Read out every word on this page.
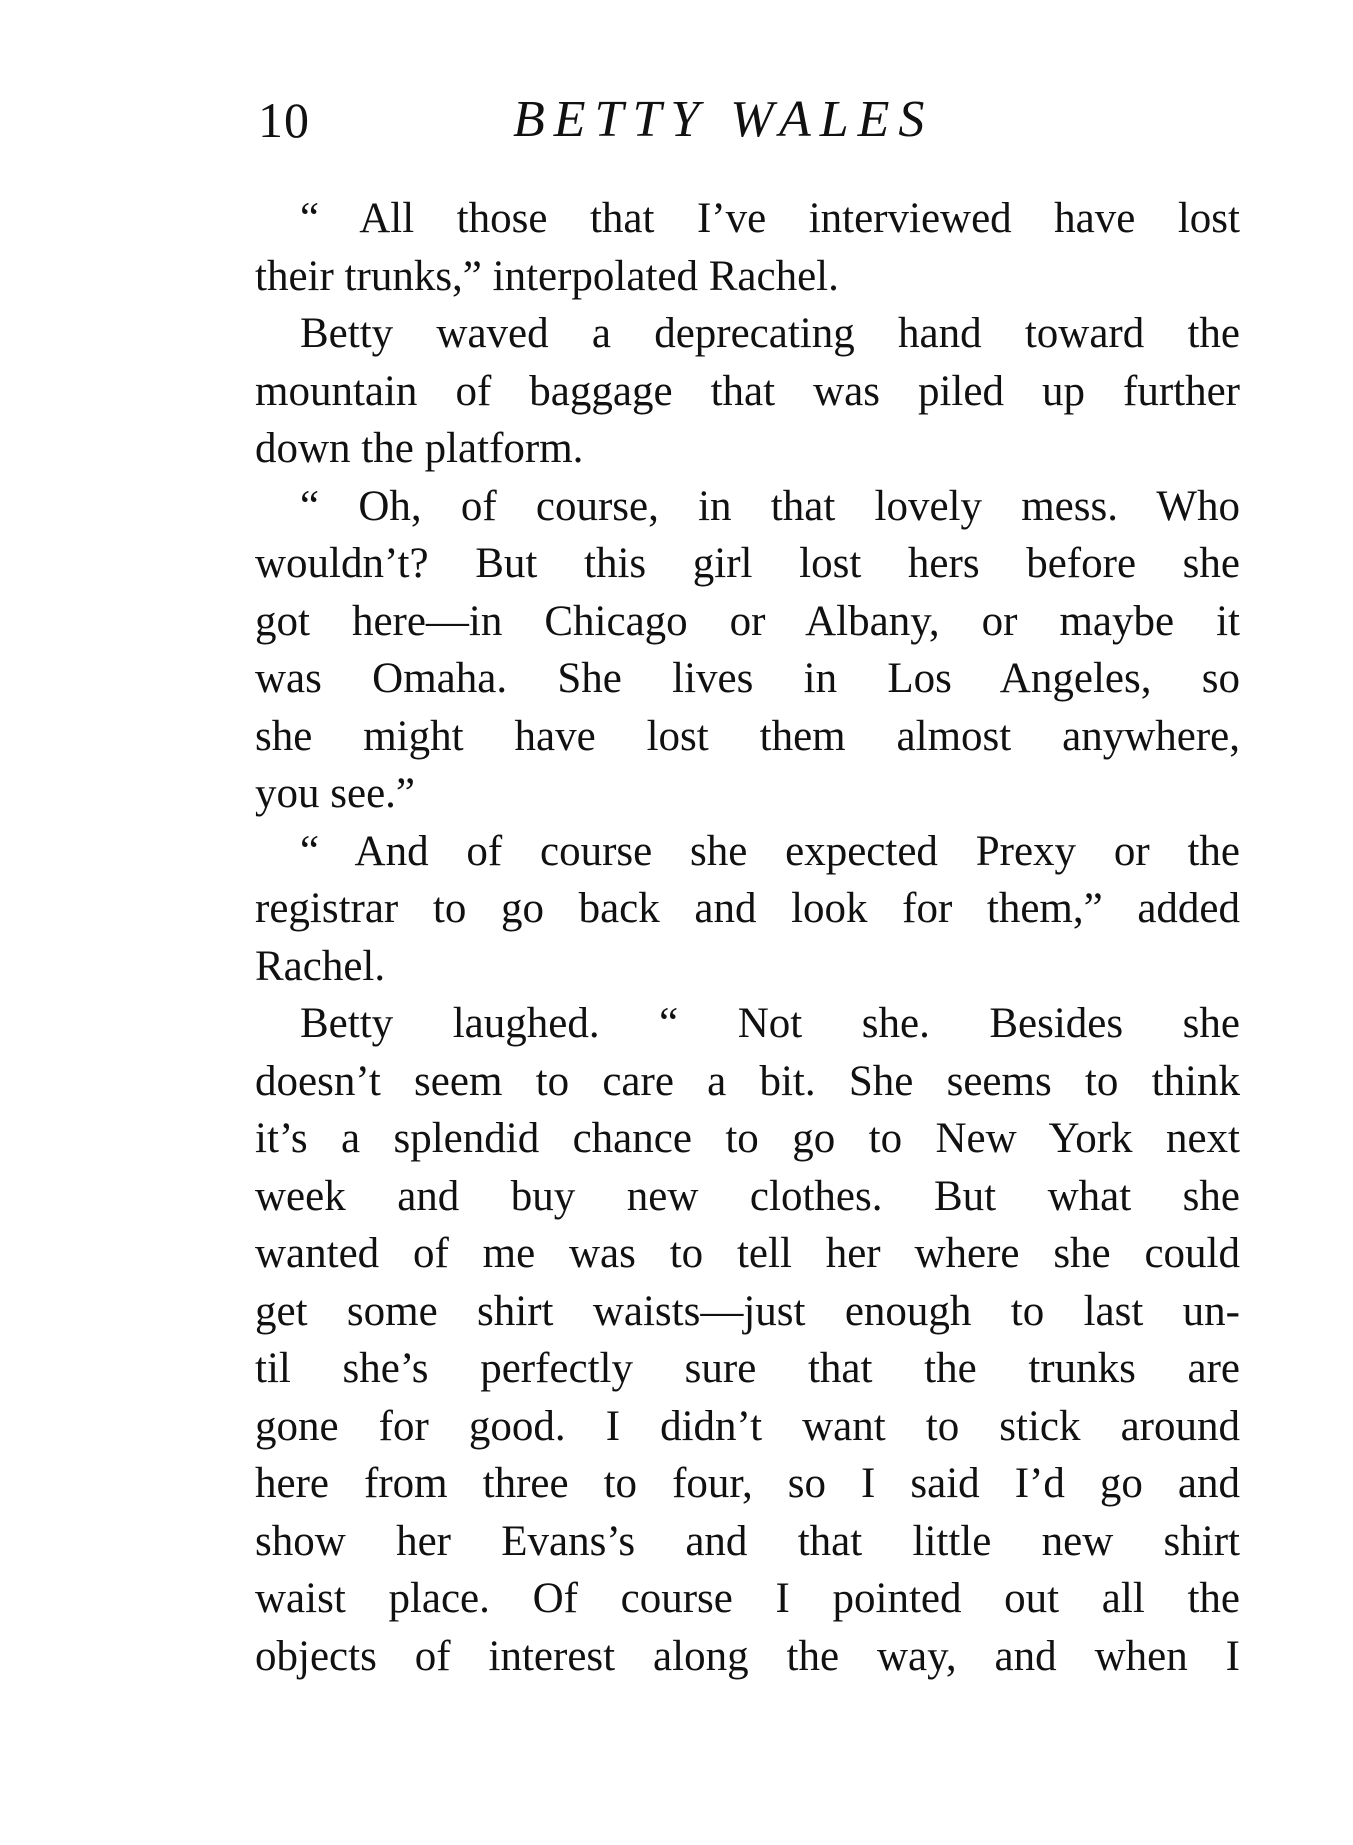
10	BETTY WALES
“ All those that I’ve interviewed have lost
their trunks,” interpolated Rachel.
Betty waved a deprecating hand toward the
mountain of baggage that was piled up further
down the platform.
“ Oh, of course, in that lovely mess. Who
wouldn’t? But this girl lost hers before she
got here—in Chicago or Albany, or maybe it
was Omaha. She lives in Los Angeles, so
she might have lost them almost anywhere,
you see.”
“ And of course she expected Prexy or the
registrar to go back and look for them,” added
Rachel.
Betty laughed. “ Not she. Besides she
doesn’t seem to care a bit. She seems to think
it’s a splendid chance to go to New York next
week and buy new clothes. But what she
wanted of me was to tell her where she could
get some shirt waists—just enough to last un-
til she’s perfectly sure that the trunks are
gone for good. I didn’t want to stick around
here from three to four, so I said I’d go and
show her Evans’s and that little new shirt
waist place. Of course I pointed out all the
objects of interest along the way, and when I
